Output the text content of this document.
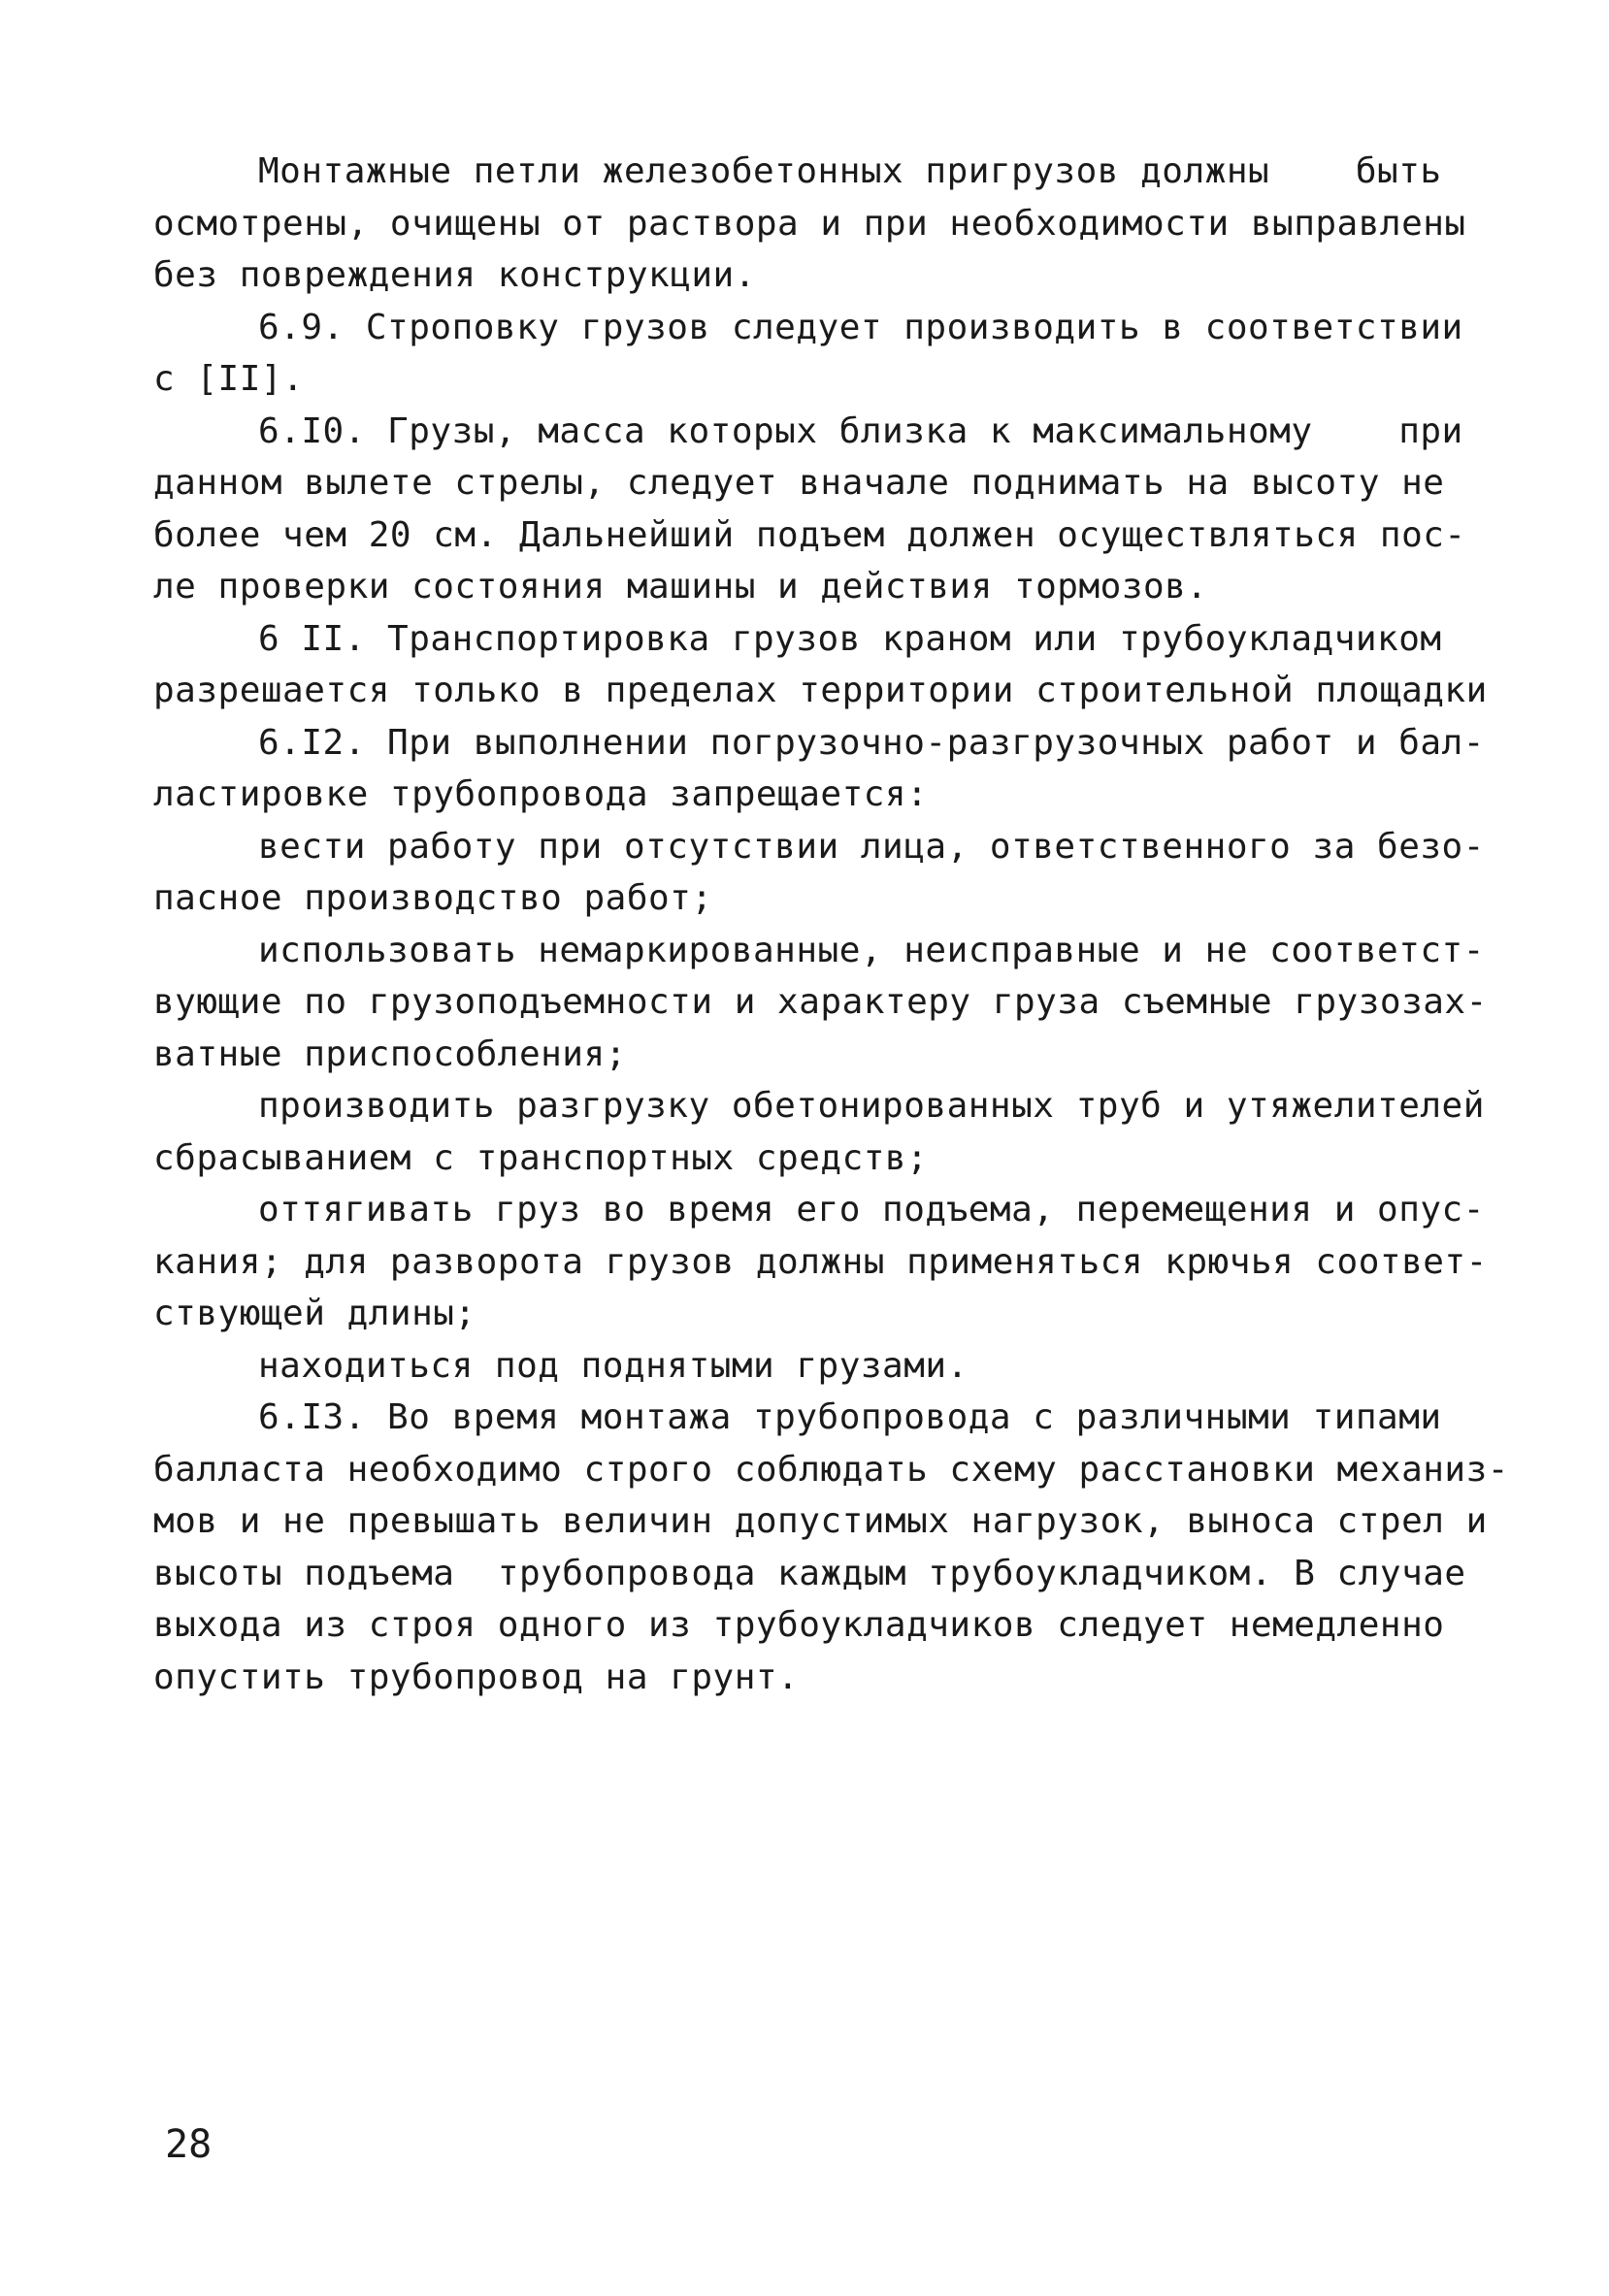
Монтажные петли железобетонных пригрузов должны    быть
осмотрены, очищены от раствора и при необходимости выправлены
без повреждения конструкции.
6.9. Строповку грузов следует производить в соответствии
с [II].
6.I0. Грузы, масса которых близка к максимальному    при
данном вылете стрелы, следует вначале поднимать на высоту не
более чем 20 см. Дальнейший подъем должен осуществляться пос-
ле проверки состояния машины и действия тормозов.
6 II. Транспортировка грузов краном или трубоукладчиком
разрешается только в пределах территории строительной площадки
6.I2. При выполнении погрузочно-разгрузочных работ и бал-
ластировке трубопровода запрещается:
вести работу при отсутствии лица, ответственного за безо-
пасное производство работ;
использовать немаркированные, неисправные и не соответст-
вующие по грузоподъемности и характеру груза съемные грузозах-
ватные приспособления;
производить разгрузку обетонированных труб и утяжелителей
сбрасыванием с транспортных средств;
оттягивать груз во время его подъема, перемещения и опус-
кания; для разворота грузов должны применяться крючья соответ-
ствующей длины;
находиться под поднятыми грузами.
6.I3. Во время монтажа трубопровода с различными типами
балласта необходимо строго соблюдать схему расстановки механиз-
мов и не превышать величин допустимых нагрузок, выноса стрел и
высоты подъема  трубопровода каждым трубоукладчиком. В случае
выхода из строя одного из трубоукладчиков следует немедленно
опустить трубопровод на грунт.
28
